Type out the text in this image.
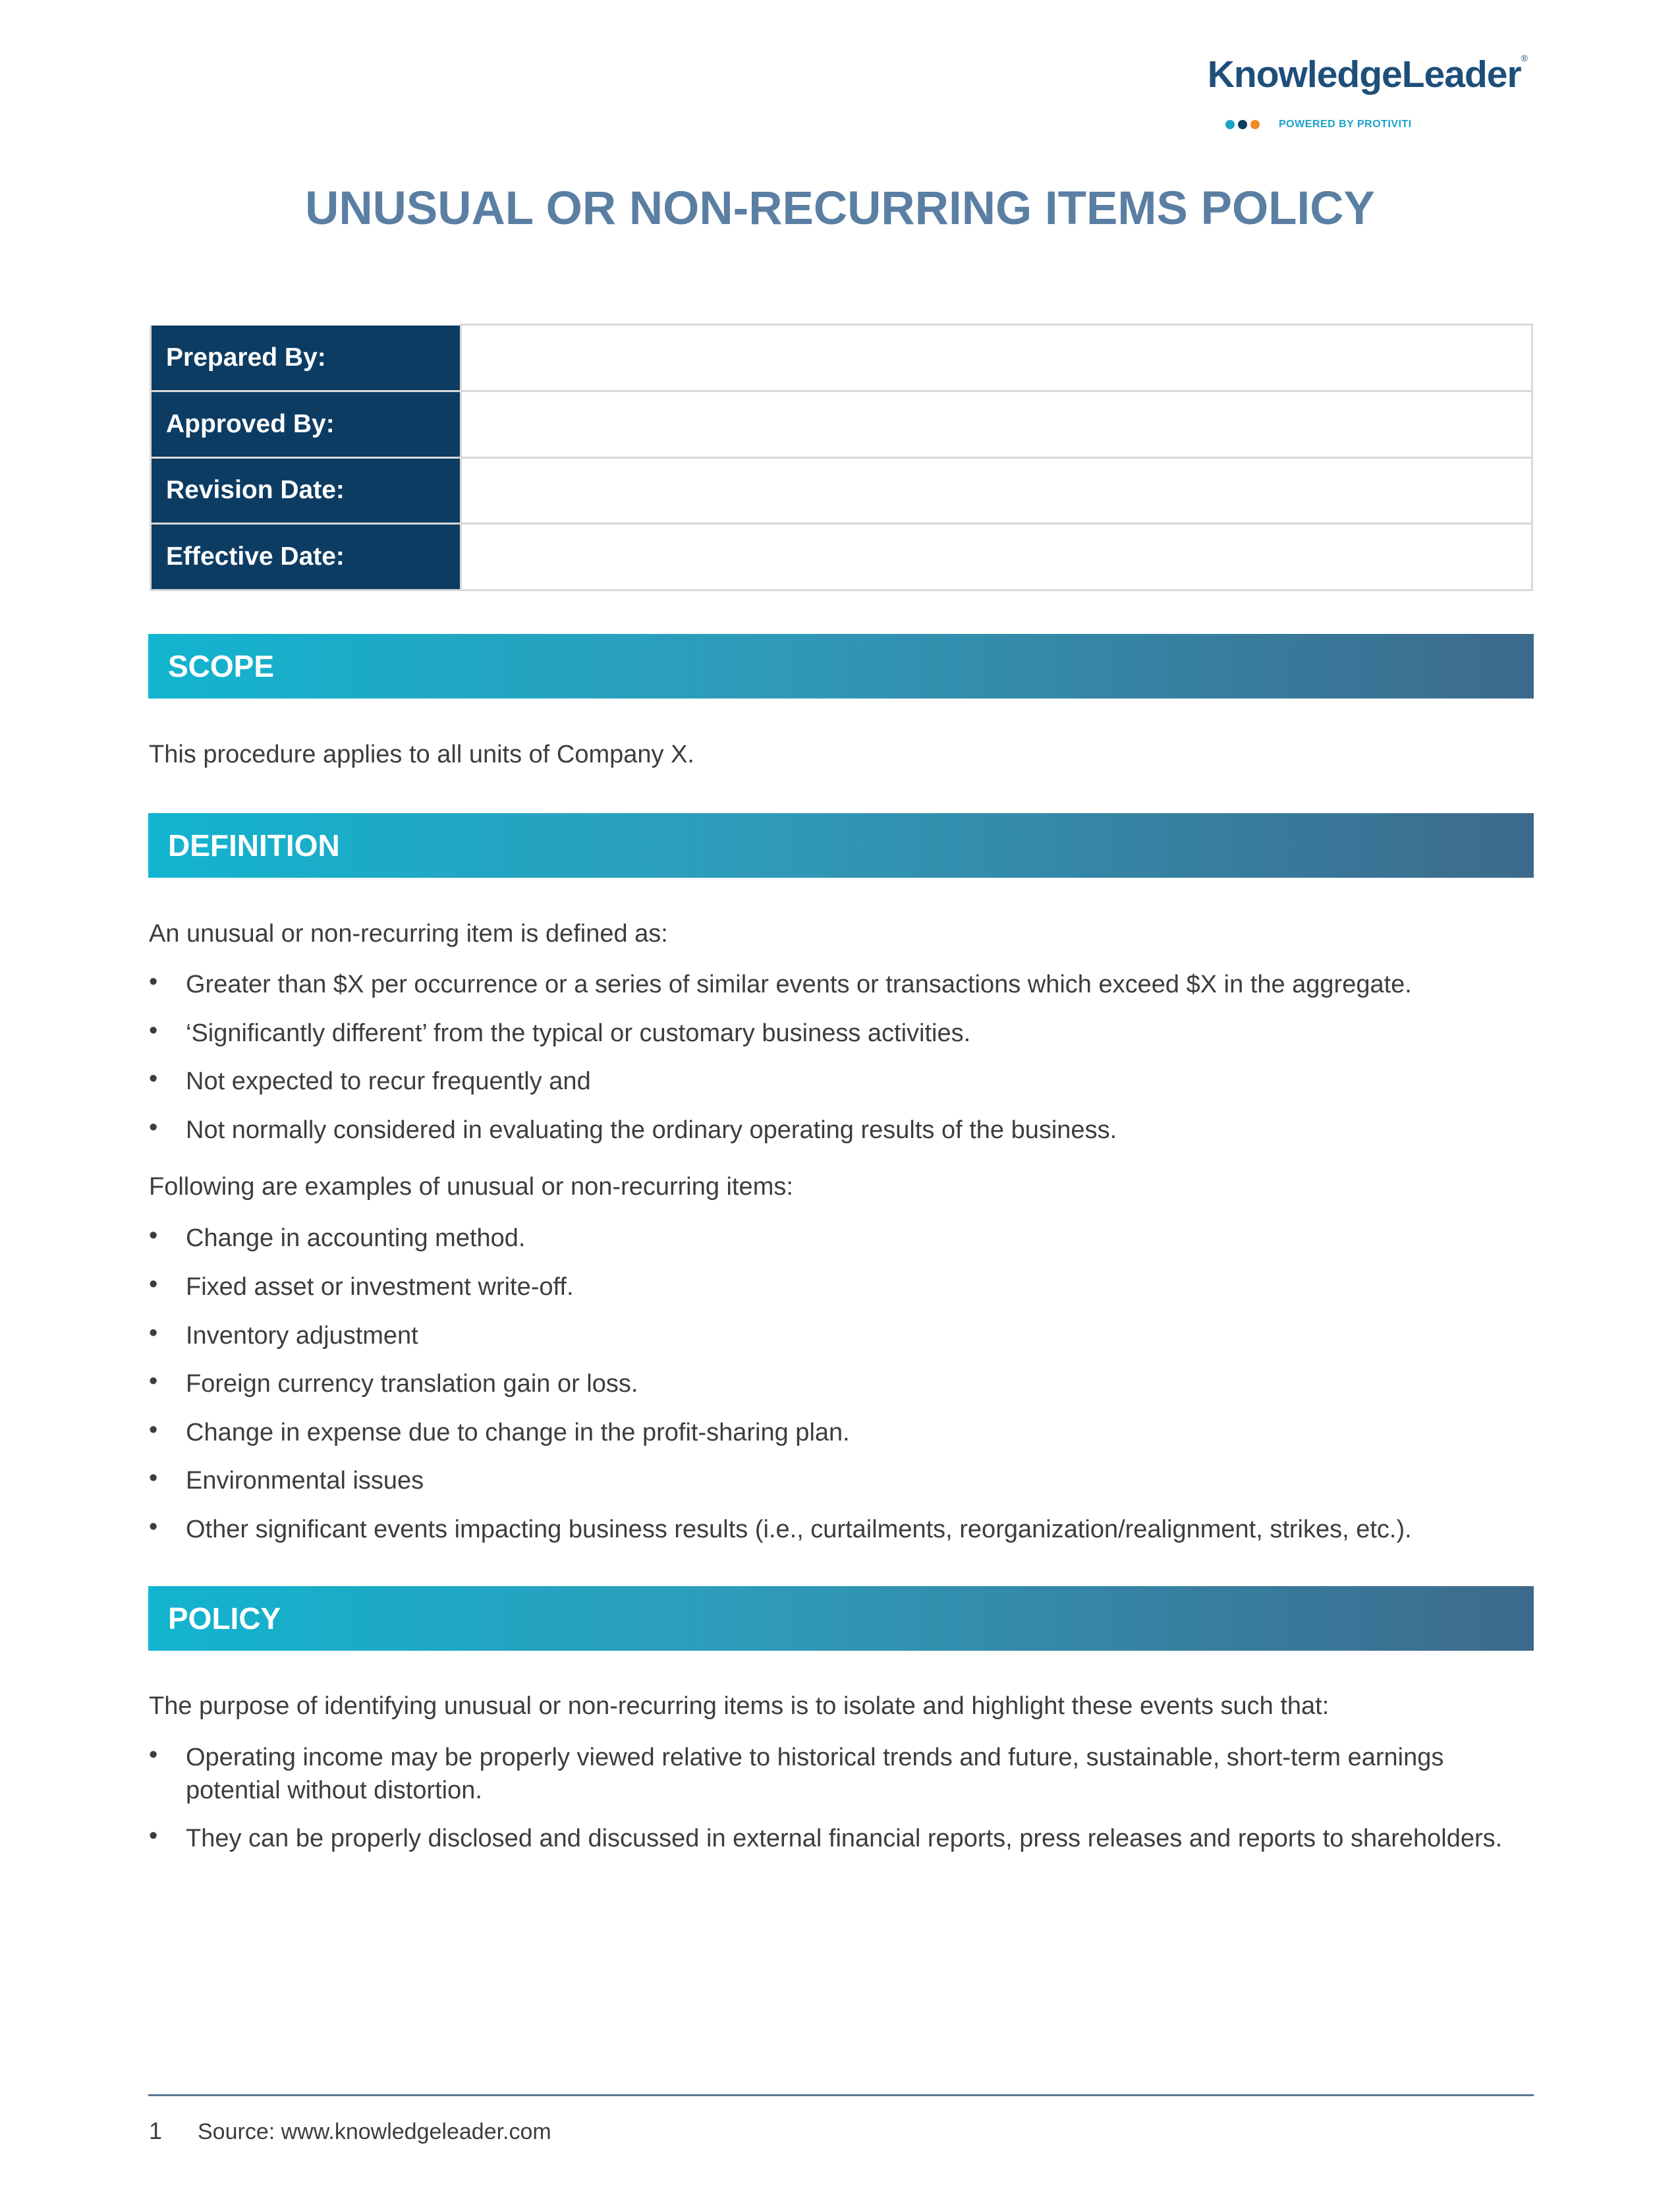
KnowledgeLeader®
POWERED BY PROTIVITI
UNUSUAL OR NON-RECURRING ITEMS POLICY
Prepared By:	
Approved By:	
Revision Date:	
Effective Date:	
SCOPE
This procedure applies to all units of Company X.
DEFINITION
An unusual or non-recurring item is defined as:
• Greater than $X per occurrence or a series of similar events or transactions which exceed $X in the aggregate.
• ‘Significantly different’ from the typical or customary business activities.
• Not expected to recur frequently and
• Not normally considered in evaluating the ordinary operating results of the business.
Following are examples of unusual or non-recurring items:
• Change in accounting method.
• Fixed asset or investment write-off.
• Inventory adjustment
• Foreign currency translation gain or loss.
• Change in expense due to change in the profit-sharing plan.
• Environmental issues
• Other significant events impacting business results (i.e., curtailments, reorganization/realignment, strikes, etc.).
POLICY
The purpose of identifying unusual or non-recurring items is to isolate and highlight these events such that:
• Operating income may be properly viewed relative to historical trends and future, sustainable, short-term earnings potential without distortion.
• They can be properly disclosed and discussed in external financial reports, press releases and reports to shareholders.
1 Source: www.knowledgeleader.com
